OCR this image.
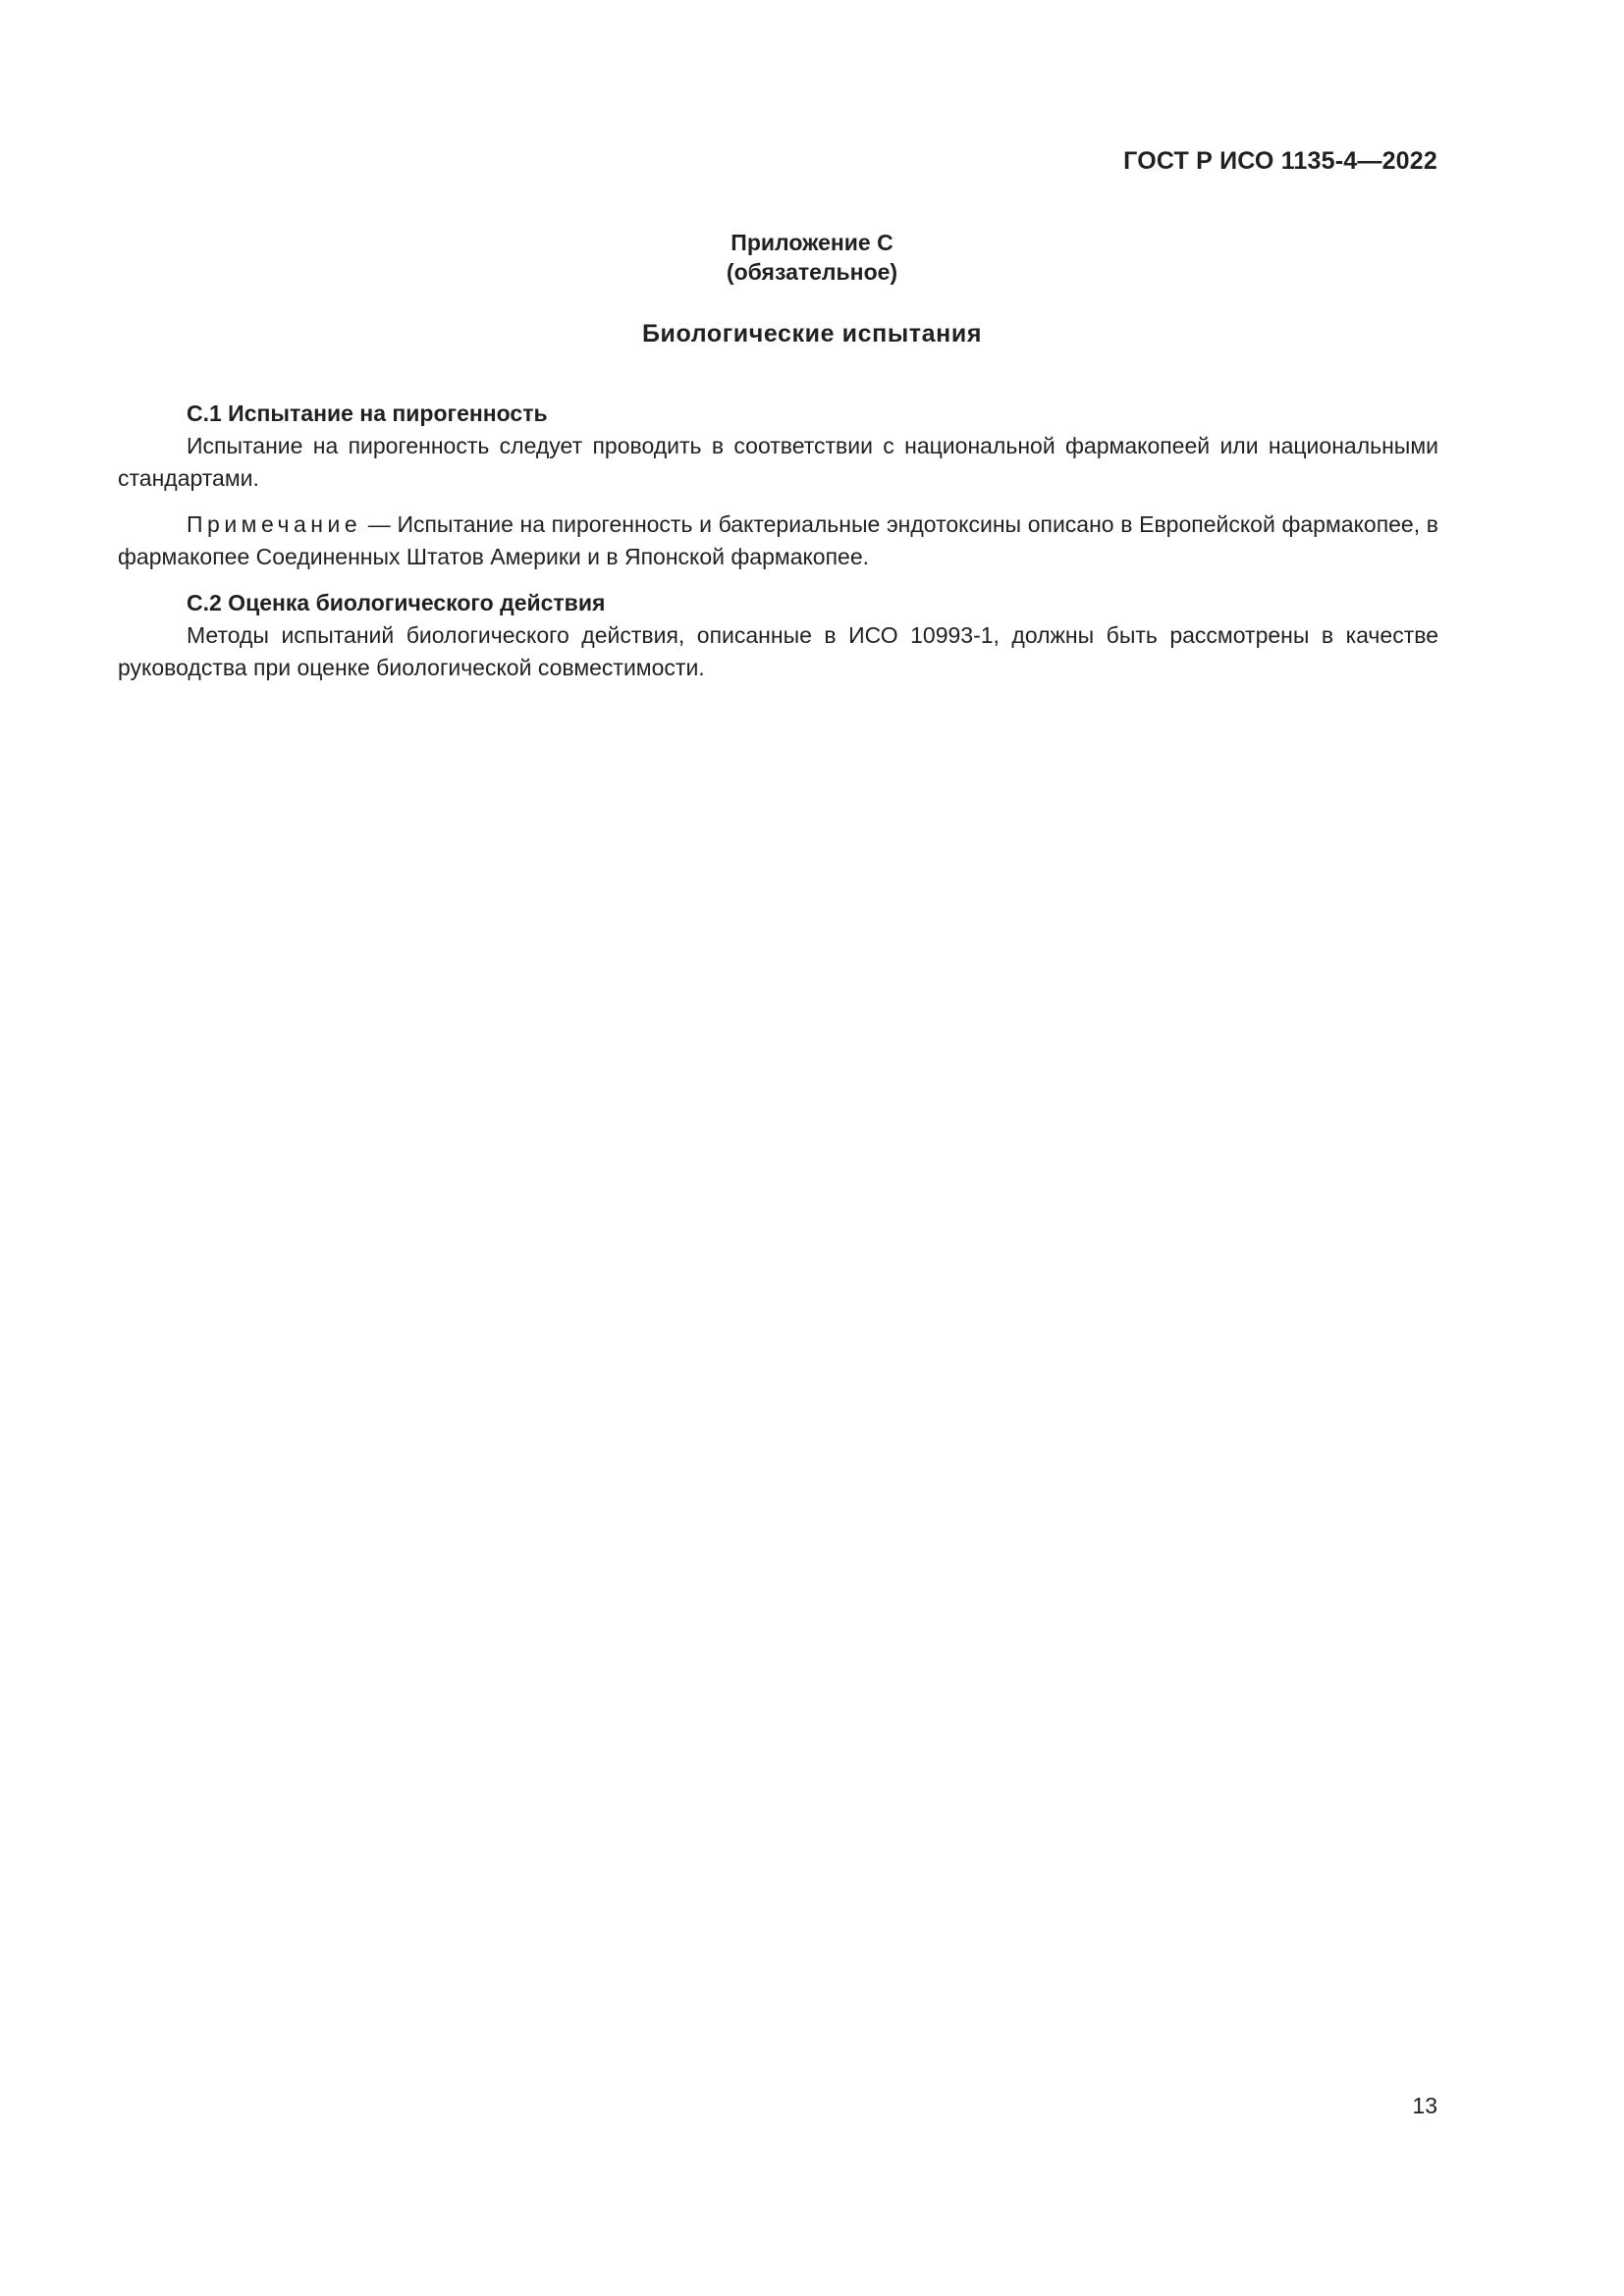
ГОСТ Р ИСО 1135-4—2022
Приложение С
(обязательное)
Биологические испытания

С.1 Испытание на пирогенность

Испытание на пирогенность следует проводить в соответствии с национальной фармакопеей или национальными стандартами.

Примечание — Испытание на пирогенность и бактериальные эндотоксины описано в Европейской фармакопее, в фармакопее Соединенных Штатов Америки и в Японской фармакопее.

С.2 Оценка биологического действия

Методы испытаний биологического действия, описанные в ИСО 10993-1, должны быть рассмотрены в качестве руководства при оценке биологической совместимости.

13
